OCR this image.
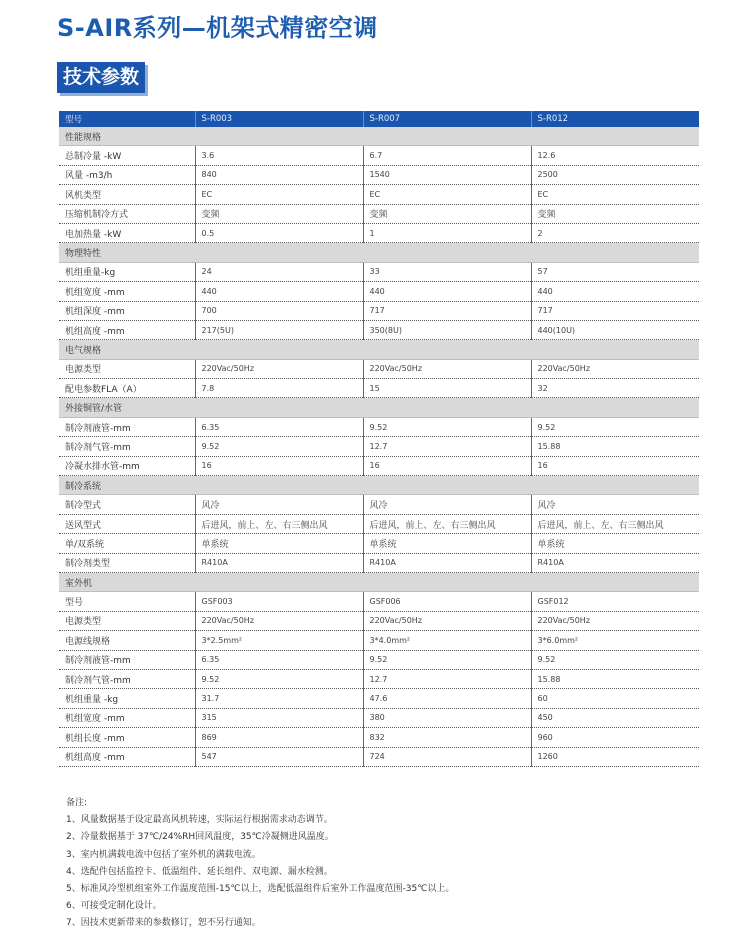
S-AIR系列—机架式精密空调
技术参数
型号	S-R003	S-R007	S-R012
性能规格			
总制冷量 -kW	3.6	6.7	12.6
风量 -m3/h	840	1540	2500
风机类型	EC	EC	EC
压缩机制冷方式	变频	变频	变频
电加热量 -kW	0.5	1	2
物理特性			
机组重量-kg	24	33	57
机组宽度 -mm	440	440	440
机组深度 -mm	700	717	717
机组高度 -mm	217(5U)	350(8U)	440(10U)
电气规格			
电源类型	220Vac/50Hz	220Vac/50Hz	220Vac/50Hz
配电参数FLA（A）	7.8	15	32
外接铜管/水管			
制冷剂液管-mm	6.35	9.52	9.52
制冷剂气管-mm	9.52	12.7	15.88
冷凝水排水管-mm	16	16	16
制冷系统			
制冷型式	风冷	风冷	风冷
送风型式	后进风，前上、左、右三侧出风	后进风，前上、左、右三侧出风	后进风，前上、左、右三侧出风
单/双系统	单系统	单系统	单系统
制冷剂类型	R410A	R410A	R410A
室外机			
型号	GSF003	GSF006	GSF012
电源类型	220Vac/50Hz	220Vac/50Hz	220Vac/50Hz
电源线规格	3*2.5mm²	3*4.0mm²	3*6.0mm²
制冷剂液管-mm	6.35	9.52	9.52
制冷剂气管-mm	9.52	12.7	15.88
机组重量 -kg	31.7	47.6	60
机组宽度 -mm	315	380	450
机组长度 -mm	869	832	960
机组高度 -mm	547	724	1260
备注:
1、风量数据基于设定最高风机转速，实际运行根据需求动态调节。
2、冷量数据基于 37℃/24%RH回风温度，35℃冷凝侧进风温度。
3、室内机满载电流中包括了室外机的满载电流。
4、选配件包括监控卡、低温组件、延长组件、双电源、漏水检测。
5、标准风冷型机组室外工作温度范围-15℃以上，选配低温组件后室外工作温度范围-35℃以上。
6、可接受定制化设计。
7、因技术更新带来的参数修订，恕不另行通知。
